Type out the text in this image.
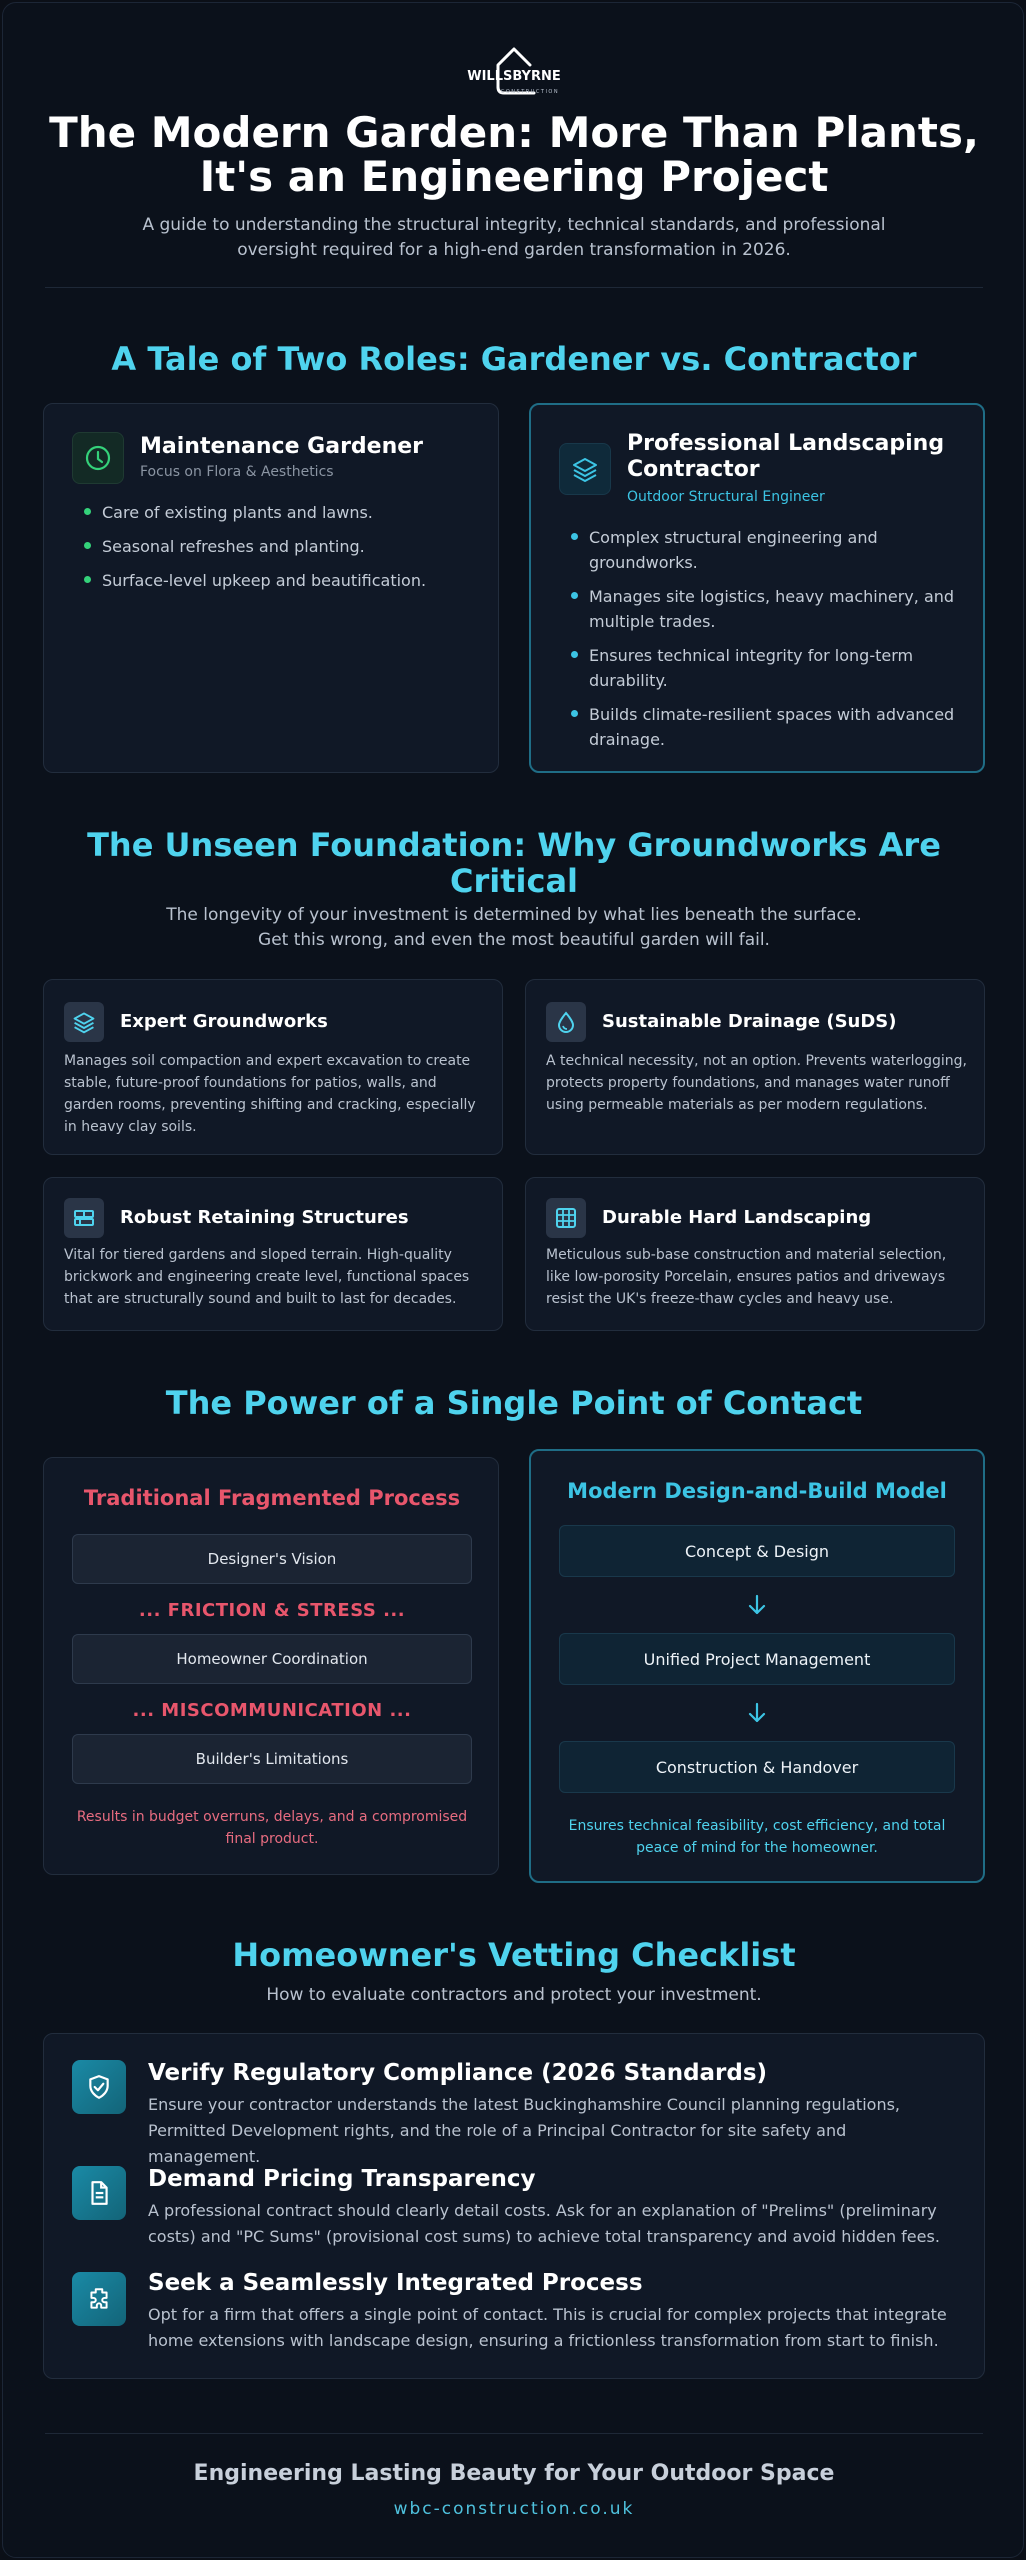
WILLSBYRNE
CONSTRUCTION
The Modern Garden: More Than Plants, It's an Engineering Project
A guide to understanding the structural integrity, technical standards, and professional oversight required for a high-end garden transformation in 2026.
A Tale of Two Roles: Gardener vs. Contractor
Maintenance Gardener
Focus on Flora & Aesthetics
Care of existing plants and lawns.
Seasonal refreshes and planting.
Surface-level upkeep and beautification.
Professional Landscaping Contractor
Outdoor Structural Engineer
Complex structural engineering and groundworks.
Manages site logistics, heavy machinery, and multiple trades.
Ensures technical integrity for long-term durability.
Builds climate-resilient spaces with advanced drainage.
The Unseen Foundation: Why Groundworks Are Critical
The longevity of your investment is determined by what lies beneath the surface. Get this wrong, and even the most beautiful garden will fail.
Expert Groundworks
Manages soil compaction and expert excavation to create stable, future-proof foundations for patios, walls, and garden rooms, preventing shifting and cracking, especially in heavy clay soils.
Sustainable Drainage (SuDS)
A technical necessity, not an option. Prevents waterlogging, protects property foundations, and manages water runoff using permeable materials as per modern regulations.
Robust Retaining Structures
Vital for tiered gardens and sloped terrain. High-quality brickwork and engineering create level, functional spaces that are structurally sound and built to last for decades.
Durable Hard Landscaping
Meticulous sub-base construction and material selection, like low-porosity Porcelain, ensures patios and driveways resist the UK's freeze-thaw cycles and heavy use.
The Power of a Single Point of Contact
Traditional Fragmented Process
Designer's Vision
... FRICTION & STRESS ...
Homeowner Coordination
... MISCOMMUNICATION ...
Builder's Limitations
Results in budget overruns, delays, and a compromised final product.
Modern Design-and-Build Model
Concept & Design
Unified Project Management
Construction & Handover
Ensures technical feasibility, cost efficiency, and total peace of mind for the homeowner.
Homeowner's Vetting Checklist
How to evaluate contractors and protect your investment.
Verify Regulatory Compliance (2026 Standards)
Ensure your contractor understands the latest Buckinghamshire Council planning regulations, Permitted Development rights, and the role of a Principal Contractor for site safety and management.
Demand Pricing Transparency
A professional contract should clearly detail costs. Ask for an explanation of "Prelims" (preliminary costs) and "PC Sums" (provisional cost sums) to achieve total transparency and avoid hidden fees.
Seek a Seamlessly Integrated Process
Opt for a firm that offers a single point of contact. This is crucial for complex projects that integrate home extensions with landscape design, ensuring a frictionless transformation from start to finish.
Engineering Lasting Beauty for Your Outdoor Space
wbc-construction.co.uk
